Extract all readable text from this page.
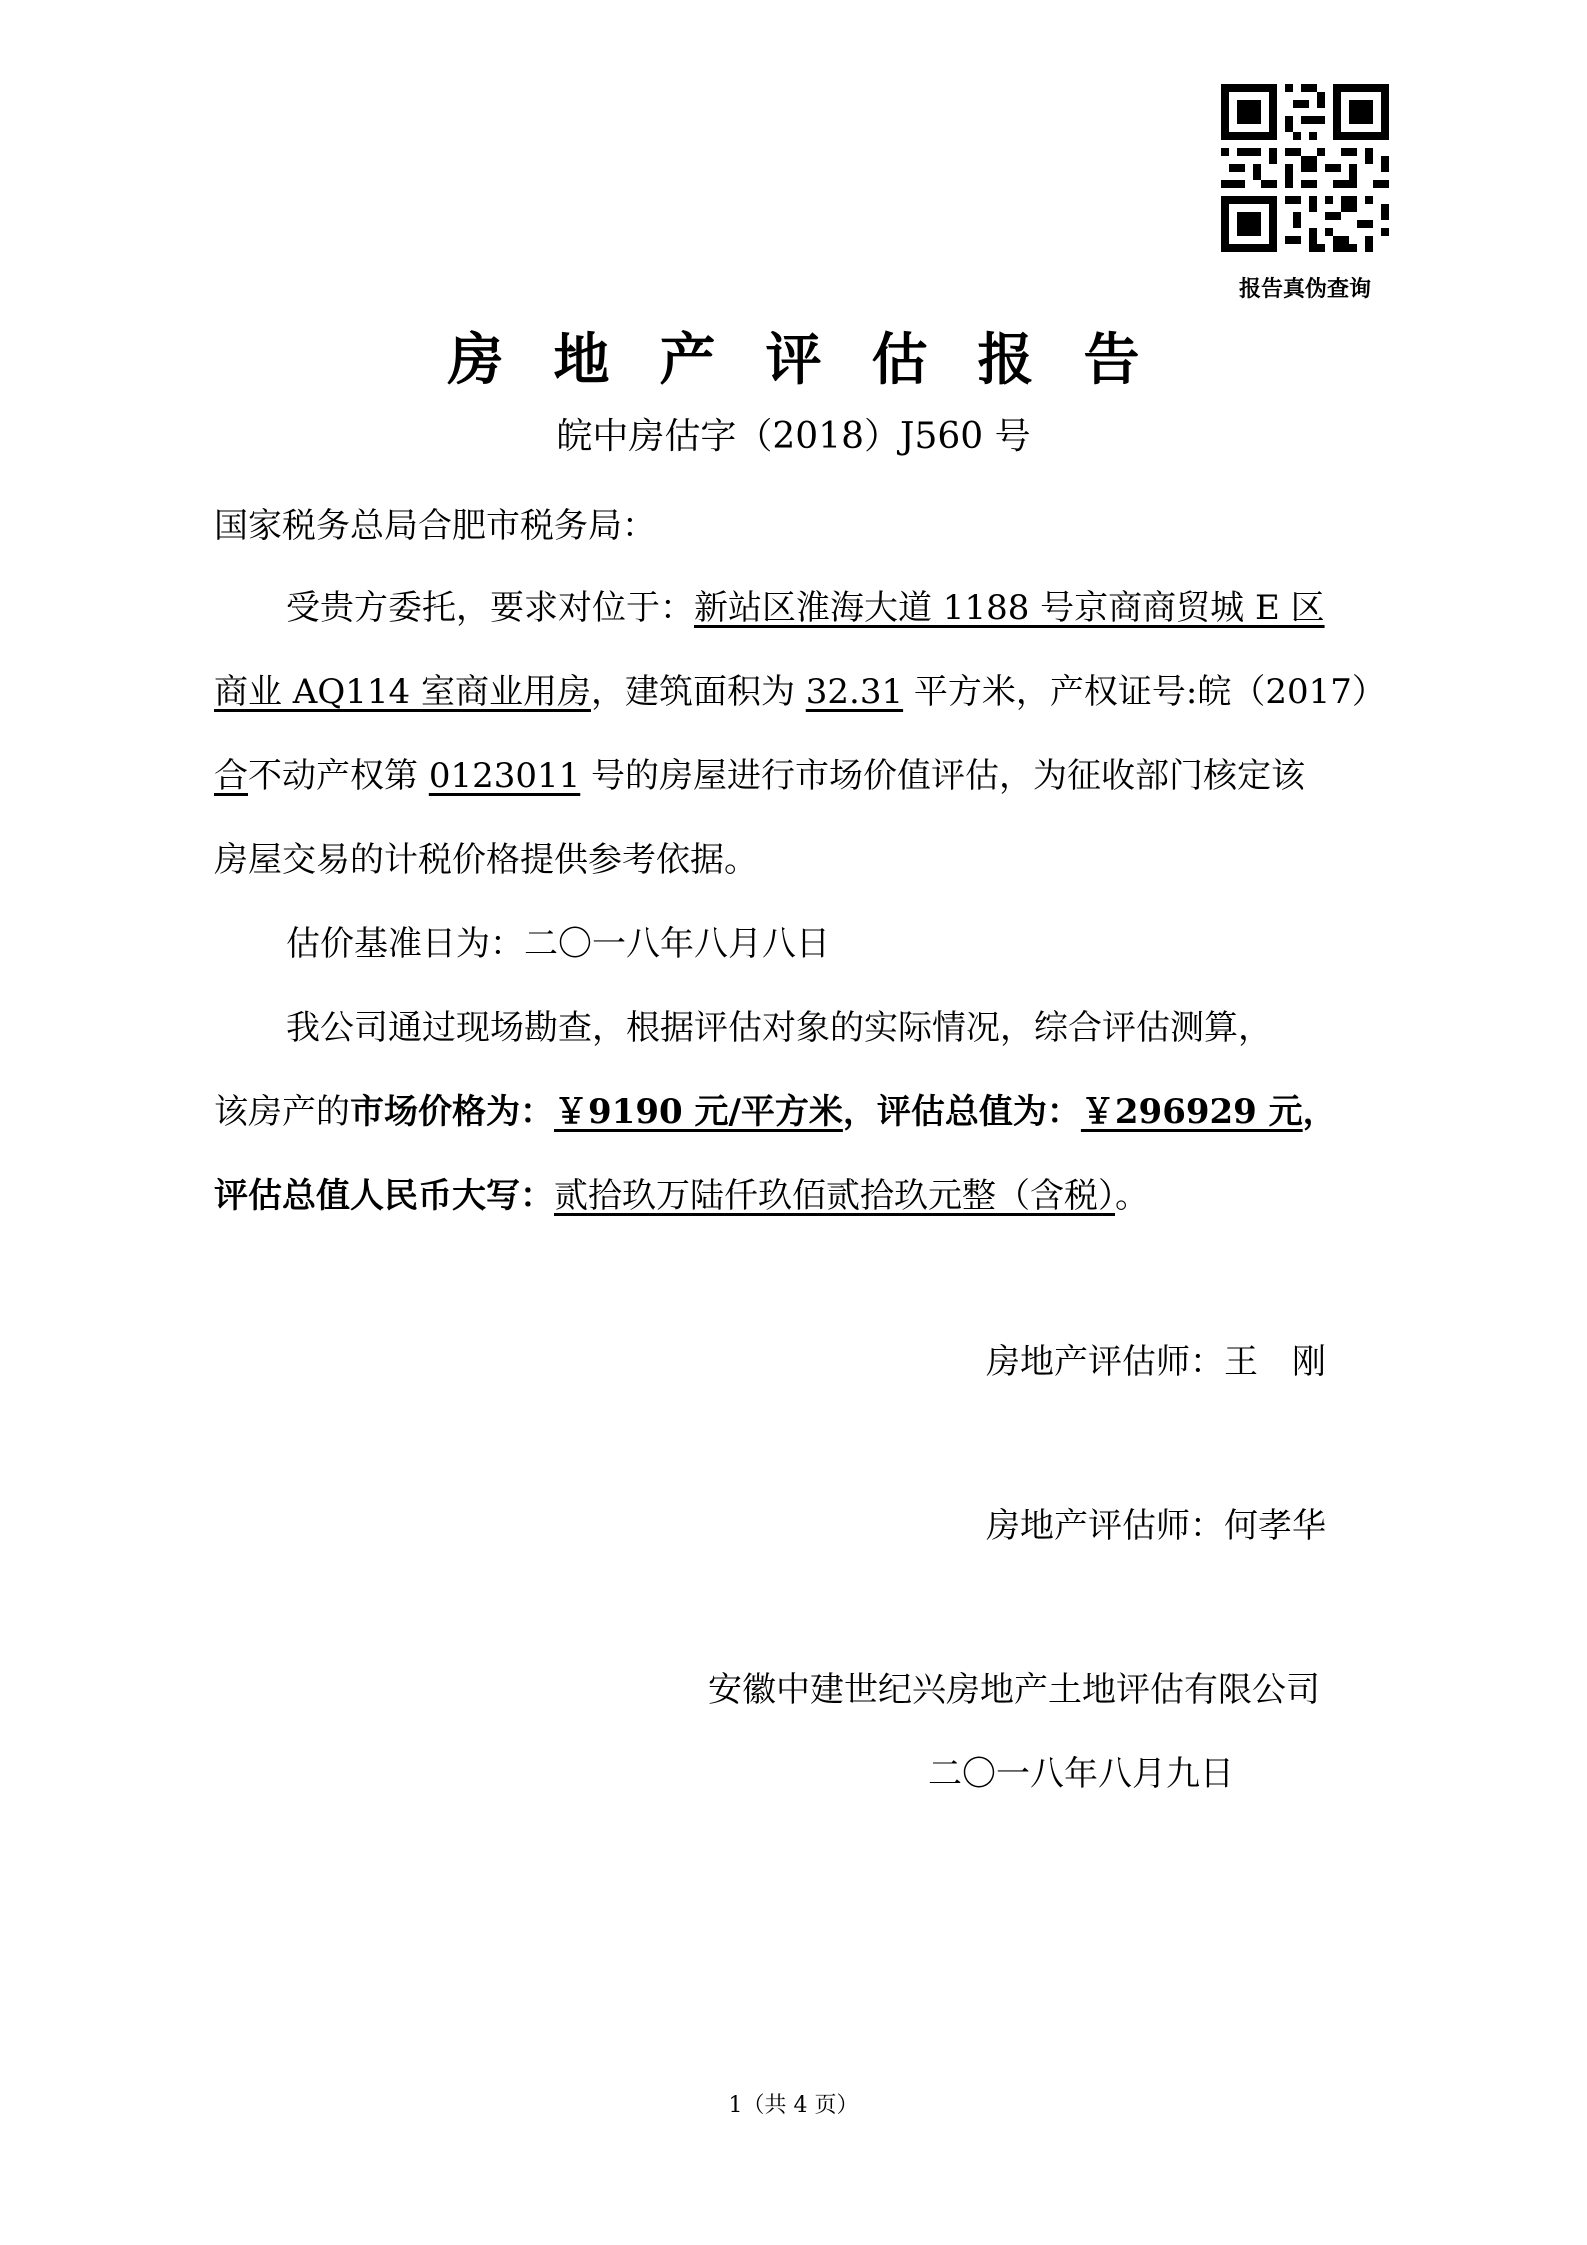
报告真伪查询
房地产评估报告
皖中房估字（2018）J560 号
国家税务总局合肥市税务局：
受贵方委托，要求对位于：新站区淮海大道 1188 号京商商贸城 E 区
商业 AQ114 室商业用房，建筑面积为 32.31 平方米，产权证号:皖（2017）
合不动产权第 0123011 号的房屋进行市场价值评估，为征收部门核定该
房屋交易的计税价格提供参考依据。
估价基准日为：二〇一八年八月八日
我公司通过现场勘查，根据评估对象的实际情况，综合评估测算，
该房产的市场价格为：￥9190 元/平方米，评估总值为：￥296929 元，
评估总值人民币大写：贰拾玖万陆仟玖佰贰拾玖元整（含税）。
房地产评估师：王　刚
房地产评估师：何孝华
安徽中建世纪兴房地产土地评估有限公司
二〇一八年八月九日
1（共 4 页）
